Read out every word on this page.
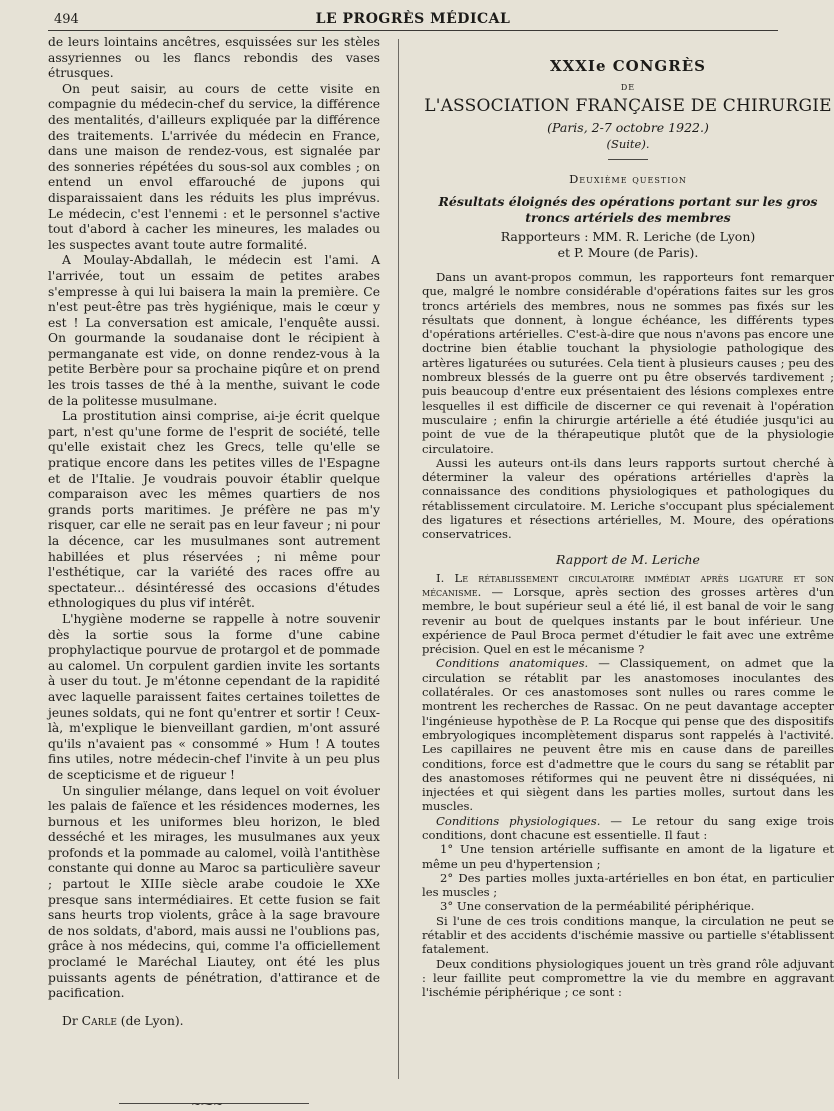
494	LE PROGRÈS MÉDICAL

de leurs lointains ancêtres, esquissées sur les stèles assyriennes ou les flancs rebondis des vases étrusques.

On peut saisir, au cours de cette visite en compagnie du médecin-chef du service, la différence des mentalités, d'ailleurs expliquée par la différence des traitements. L'arrivée du médecin en France, dans une maison de rendez-vous, est signalée par des sonneries répétées du sous-sol aux combles ; on entend un envol effarouché de jupons qui disparaissaient dans les réduits les plus imprévus. Le médecin, c'est l'ennemi : et le personnel s'active tout d'abord à cacher les mineures, les malades ou les suspectes avant toute autre formalité.

A Moulay-Abdallah, le médecin est l'ami. A l'arrivée, tout un essaim de petites arabes s'empresse à qui lui baisera la main la première. Ce n'est peut-être pas très hygiénique, mais le cœur y est ! La conversation est amicale, l'enquête aussi. On gourmande la soudanaise dont le récipient à permanganate est vide, on donne rendez-vous à la petite Berbère pour sa prochaine piqûre et on prend les trois tasses de thé à la menthe, suivant le code de la politesse musulmane.

La prostitution ainsi comprise, ai-je écrit quelque part, n'est qu'une forme de l'esprit de société, telle qu'elle existait chez les Grecs, telle qu'elle se pratique encore dans les petites villes de l'Espagne et de l'Italie. Je voudrais pouvoir établir quelque comparaison avec les mêmes quartiers de nos grands ports maritimes. Je préfère ne pas m'y risquer, car elle ne serait pas en leur faveur ; ni pour la décence, car les musulmanes sont autrement habillées et plus réservées ; ni même pour l'esthétique, car la variété des races offre au spectateur... désintéressé des occasions d'études ethnologiques du plus vif intérêt.

L'hygiène moderne se rappelle à notre souvenir dès la sortie sous la forme d'une cabine prophylactique pourvue de protargol et de pommade au calomel. Un corpulent gardien invite les sortants à user du tout. Je m'étonne cependant de la rapidité avec laquelle paraissent faites certaines toilettes de jeunes soldats, qui ne font qu'entrer et sortir ! Ceux-là, m'explique le bienveillant gardien, m'ont assuré qu'ils n'avaient pas « consommé » Hum ! A toutes fins utiles, notre médecin-chef l'invite à un peu plus de scepticisme et de rigueur !

Un singulier mélange, dans lequel on voit évoluer les palais de faïence et les résidences modernes, les burnous et les uniformes bleu horizon, le bled desséché et les mirages, les musulmanes aux yeux profonds et la pommade au calomel, voilà l'antithèse constante qui donne au Maroc sa particulière saveur ; partout le XIIIe siècle arabe coudoie le XXe presque sans intermédiaires. Et cette fusion se fait sans heurts trop violents, grâce à la sage bravoure de nos soldats, d'abord, mais aussi ne l'oublions pas, grâce à nos médecins, qui, comme l'a officiellement proclamé le Maréchal Liautey, ont été les plus puissants agents de pénétration, d'attirance et de pacification.

Dr Carle (de Lyon).

~⁓~
XXXIe CONGRÈS
DE
L'ASSOCIATION FRANÇAISE DE CHIRURGIE
(Paris, 2-7 octobre 1922.)
(Suite).
Deuxième question
Résultats éloignés des opérations portant sur les gros troncs artériels des membres
Rapporteurs : MM. R. Leriche (de Lyon)
et P. Moure (de Paris).

Dans un avant-propos commun, les rapporteurs font remarquer que, malgré le nombre considérable d'opérations faites sur les gros troncs artériels des membres, nous ne sommes pas fixés sur les résultats que donnent, à longue échéance, les différents types d'opérations artérielles. C'est-à-dire que nous n'avons pas encore une doctrine bien établie touchant la physiologie pathologique des artères ligaturées ou suturées. Cela tient à plusieurs causes ; peu des nombreux blessés de la guerre ont pu être observés tardivement ; puis beaucoup d'entre eux présentaient des lésions complexes entre lesquelles il est difficile de discerner ce qui revenait à l'opération musculaire ; enfin la chirurgie artérielle a été étudiée jusqu'ici au point de vue de la thérapeutique plutôt que de la physiologie circulatoire.

Aussi les auteurs ont-ils dans leurs rapports surtout cherché à déterminer la valeur des opérations artérielles d'après la connaissance des conditions physiologiques et pathologiques du rétablissement circulatoire. M. Leriche s'occupant plus spécialement des ligatures et résections artérielles, M. Moure, des opérations conservatrices.

Rapport de M. Leriche

I. Le rétablissement circulatoire immédiat après ligature et son mécanisme. — Lorsque, après section des grosses artères d'un membre, le bout supérieur seul a été lié, il est banal de voir le sang revenir au bout de quelques instants par le bout inférieur. Une expérience de Paul Broca permet d'étudier le fait avec une extrême précision. Quel en est le mécanisme ?

Conditions anatomiques. — Classiquement, on admet que la circulation se rétablit par les anastomoses inoculantes des collatérales. Or ces anastomoses sont nulles ou rares comme le montrent les recherches de Rassac. On ne peut davantage accepter l'ingénieuse hypothèse de P. La Rocque qui pense que des dispositifs embryologiques incomplètement disparus sont rappelés à l'activité. Les capillaires ne peuvent être mis en cause dans de pareilles conditions, force est d'admettre que le cours du sang se rétablit par des anastomoses rétiformes qui ne peuvent être ni disséquées, ni injectées et qui siègent dans les parties molles, surtout dans les muscles.

Conditions physiologiques. — Le retour du sang exige trois conditions, dont chacune est essentielle. Il faut :

1° Une tension artérielle suffisante en amont de la ligature et même un peu d'hypertension ;

2° Des parties molles juxta-artérielles en bon état, en particulier les muscles ;

3° Une conservation de la perméabilité périphérique.

Si l'une de ces trois conditions manque, la circulation ne peut se rétablir et des accidents d'ischémie massive ou partielle s'établissent fatalement.

Deux conditions physiologiques jouent un très grand rôle adjuvant : leur faillite peut compromettre la vie du membre en aggravant l'ischémie périphérique ; ce sont :
